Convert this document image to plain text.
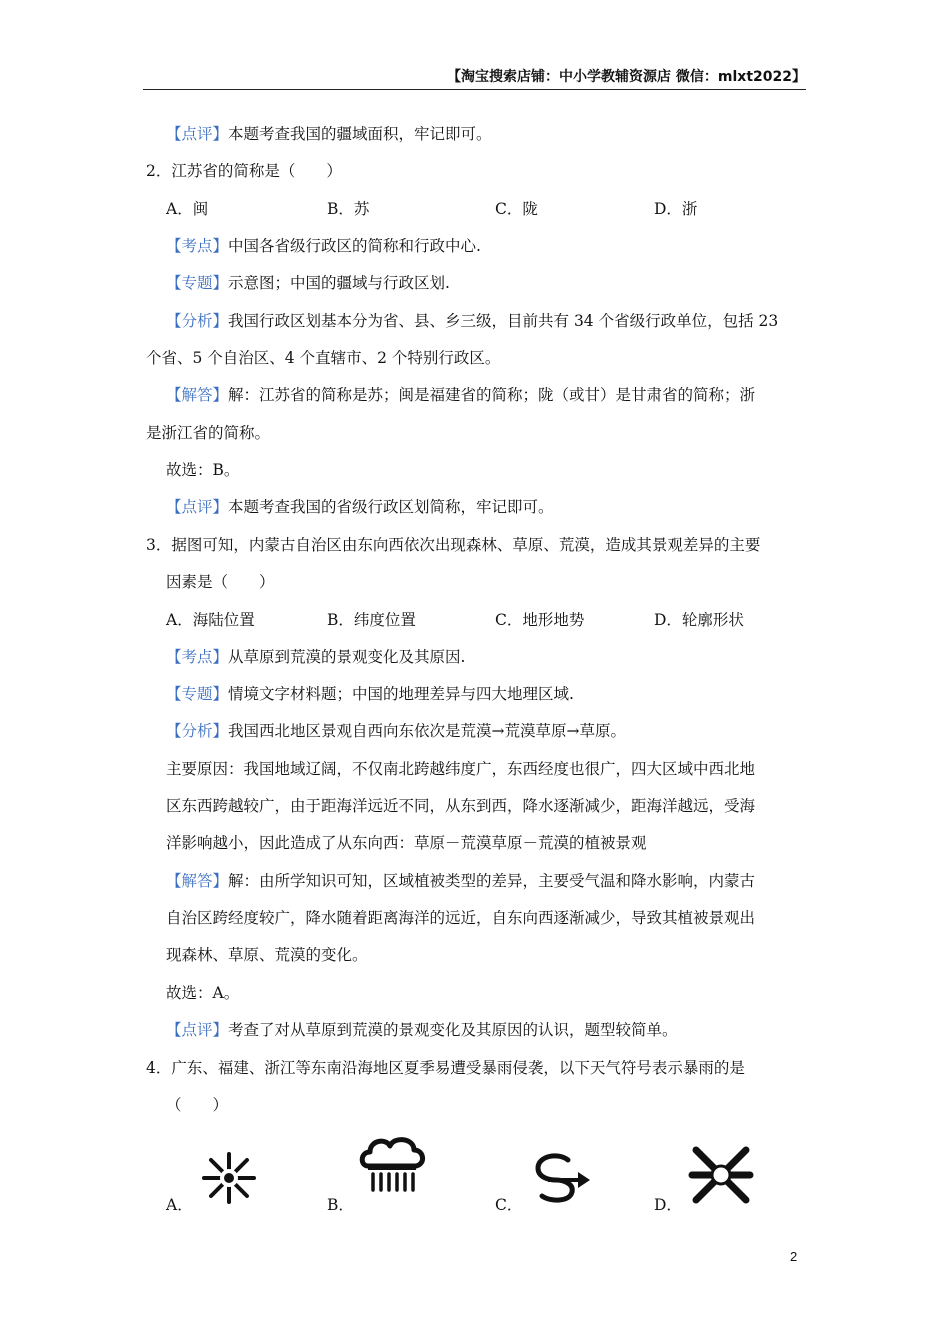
【淘宝搜索店铺：中小学教辅资源店 微信：mlxt2022】
【点评】本题考查我国的疆域面积，牢记即可。
2．江苏省的简称是（　　）
A．闽	B．苏	C．陇	D．浙
【考点】中国各省级行政区的简称和行政中心.
【专题】示意图；中国的疆域与行政区划.
【分析】我国行政区划基本分为省、县、乡三级，目前共有 34 个省级行政单位，包括 23
个省、5 个自治区、4 个直辖市、2 个特别行政区。
【解答】解：江苏省的简称是苏；闽是福建省的简称；陇（或甘）是甘肃省的简称；浙
是浙江省的简称。
故选：B。
【点评】本题考查我国的省级行政区划简称，牢记即可。
3．据图可知，内蒙古自治区由东向西依次出现森林、草原、荒漠，造成其景观差异的主要
因素是（　　）
A．海陆位置	B．纬度位置	C．地形地势	D．轮廓形状
【考点】从草原到荒漠的景观变化及其原因.
【专题】情境文字材料题；中国的地理差异与四大地理区域.
【分析】我国西北地区景观自西向东依次是荒漠→荒漠草原→草原。
主要原因：我国地域辽阔，不仅南北跨越纬度广，东西经度也很广，四大区域中西北地
区东西跨越较广，由于距海洋远近不同，从东到西，降水逐渐减少，距海洋越远，受海
洋影响越小，因此造成了从东向西：草原－荒漠草原－荒漠的植被景观
【解答】解：由所学知识可知，区域植被类型的差异，主要受气温和降水影响，内蒙古
自治区跨经度较广，降水随着距离海洋的远近，自东向西逐渐减少，导致其植被景观出
现森林、草原、荒漠的变化。
故选：A。
【点评】考查了对从草原到荒漠的景观变化及其原因的认识，题型较简单。
4．广东、福建、浙江等东南沿海地区夏季易遭受暴雨侵袭，以下天气符号表示暴雨的是
（　　）
A．	B．	C．	D．
2
